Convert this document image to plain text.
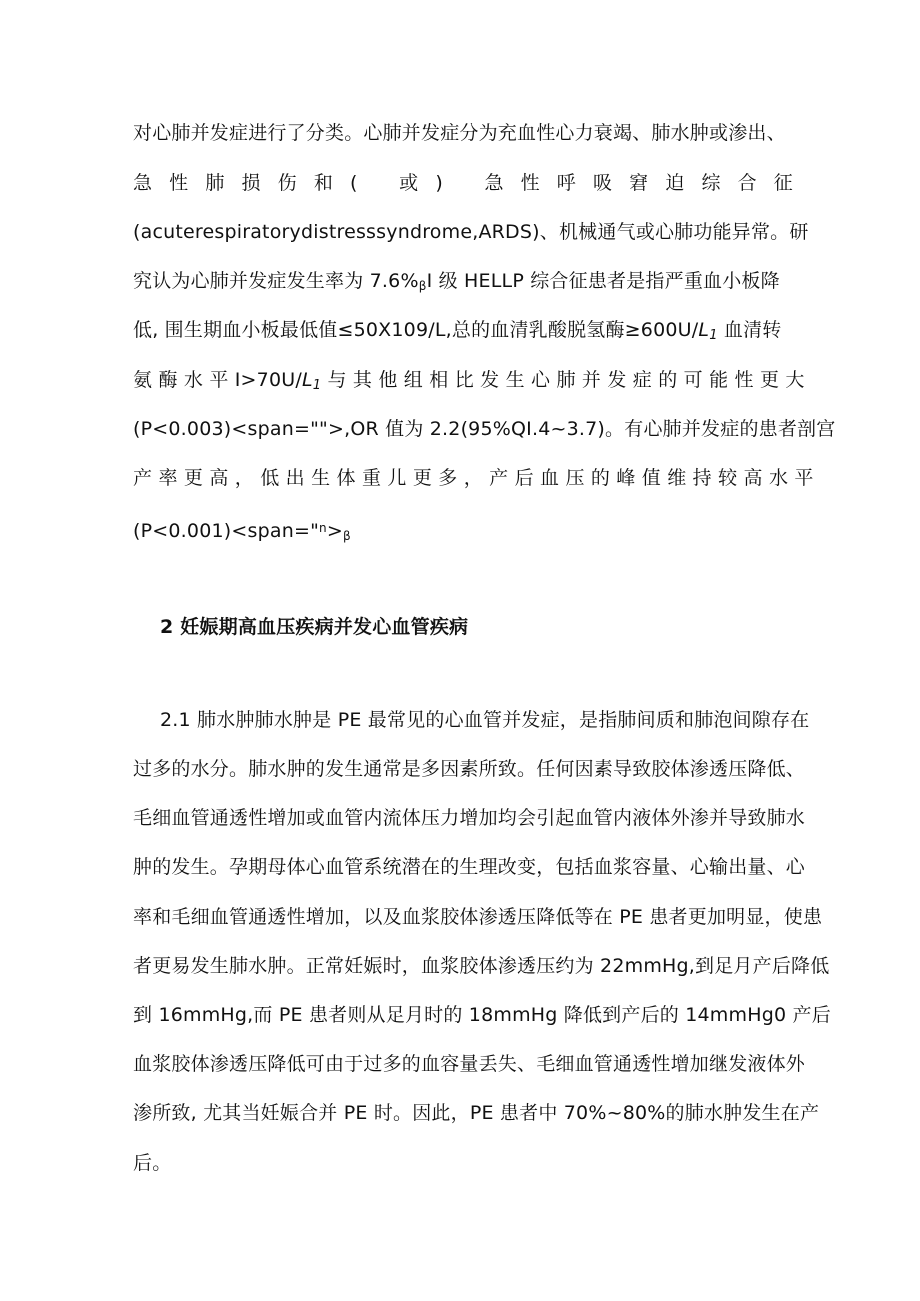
对心肺并发症进行了分类。心肺并发症分为充血性心力衰竭、肺水肿或渗出、
急 性 肺 损 伤 和 (　 或 )　 急 性 呼 吸 窘 迫 综 合 征
(acuterespiratorydistresssyndrome,ARDS)、机械通气或心肺功能异常。研
究认为心肺并发症发生率为 7.6%βI 级 HELLP 综合征患者是指严重血小板降
低, 围生期血小板最低值≤50X109/L,总的血清乳酸脱氢酶≥600U/L1 血清转
氨 酶 水 平 I>70U/L1 与 其 他 组 相 比 发 生 心 肺 并 发 症 的 可 能 性 更 大
(P<0.003)<span="">,OR 值为 2.2(95%QI.4~3.7)。有心肺并发症的患者剖宫
产 率 更 高 ， 低 出 生 体 重 儿 更 多 ， 产 后 血 压 的 峰 值 维 持 较 高 水 平
(P<0.001)<span="$^n$>β
2 妊娠期高血压疾病并发心血管疾病
2.1 肺水肿肺水肿是 PE 最常见的心血管并发症，是指肺间质和肺泡间隙存在
过多的水分。肺水肿的发生通常是多因素所致。任何因素导致胶体渗透压降低、
毛细血管通透性增加或血管内流体压力增加均会引起血管内液体外渗并导致肺水
肿的发生。孕期母体心血管系统潜在的生理改变，包括血浆容量、心输出量、心
率和毛细血管通透性增加，以及血浆胶体渗透压降低等在 PE 患者更加明显，使患
者更易发生肺水肿。正常妊娠时，血浆胶体渗透压约为 22mmHg,到足月产后降低
到 16mmHg,而 PE 患者则从足月时的 18mmHg 降低到产后的 14mmHg0 产后
血浆胶体渗透压降低可由于过多的血容量丢失、毛细血管通透性增加继发液体外
渗所致, 尤其当妊娠合并 PE 时。因此，PE 患者中 70%~80%的肺水肿发生在产
后。
